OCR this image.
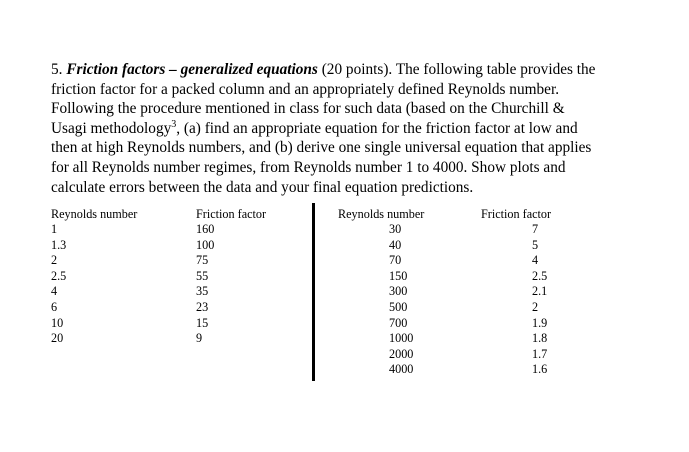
5. Friction factors – generalized equations (20 points). The following table provides the
friction factor for a packed column and an appropriately defined Reynolds number.
Following the procedure mentioned in class for such data (based on the Churchill &
Usagi methodology$^3$, (a) find an appropriate equation for the friction factor at low and
then at high Reynolds numbers, and (b) derive one single universal equation that applies
for all Reynolds number regimes, from Reynolds number 1 to 4000. Show plots and
calculate errors between the data and your final equation predictions.
Reynolds number
1
1.3
2
2.5
4
6
10
20
Friction factor
160
100
75
55
35
23
15
9
Reynolds number
30
40
70
150
300
500
700
1000
2000
4000
Friction factor
7
5
4
2.5
2.1
2
1.9
1.8
1.7
1.6
